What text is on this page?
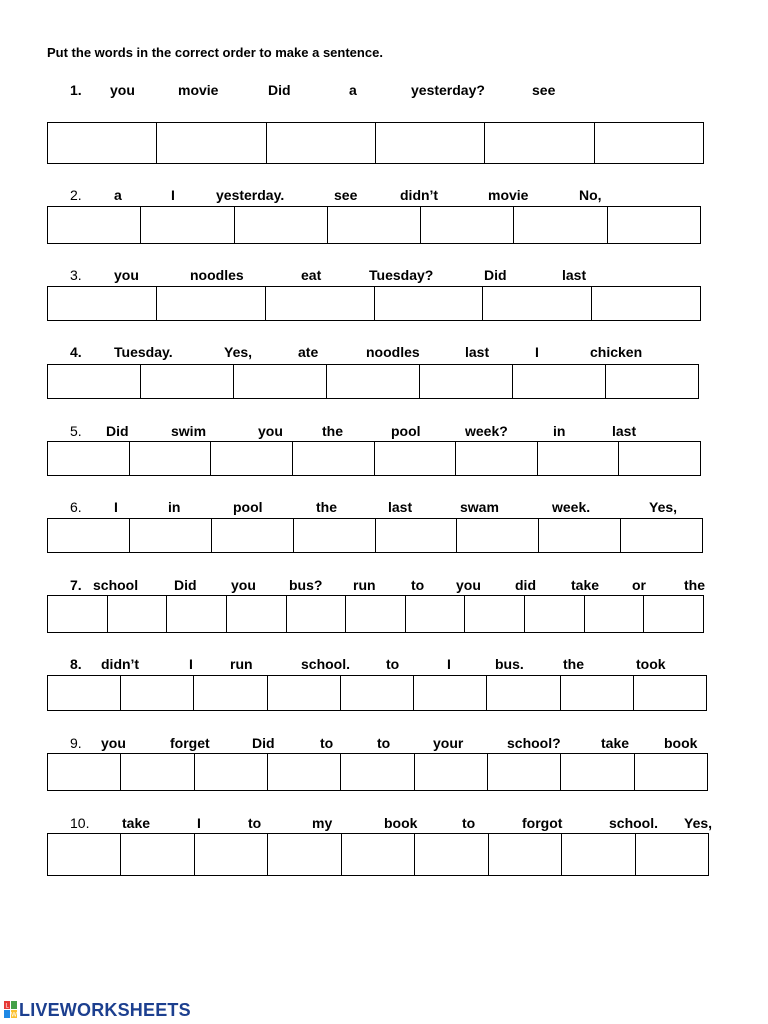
Put the words in the correct order to make a sentence.
1. you	movie	Did	a	yesterday?	see
2. a	I	yesterday.	see	didn’t	movie	No,
3. you	noodles	eat	Tuesday?	Did	last
4. Tuesday.	Yes,	ate	noodles	last	I	chicken
5. Did	swim	you	the	pool	week?	in	last
6. I	in	pool	the	last	swam	week.	Yes,
7. school	Did you bus? run	to you did	take or	the
8. didn’t	I	run	school.	to	I	bus.	the	took
9. you	forget	Did	to	to	your	school?	take book
10. take	I	to	my	book	to	forgot	school. Yes,
L
W LIVEWORKSHEETS
